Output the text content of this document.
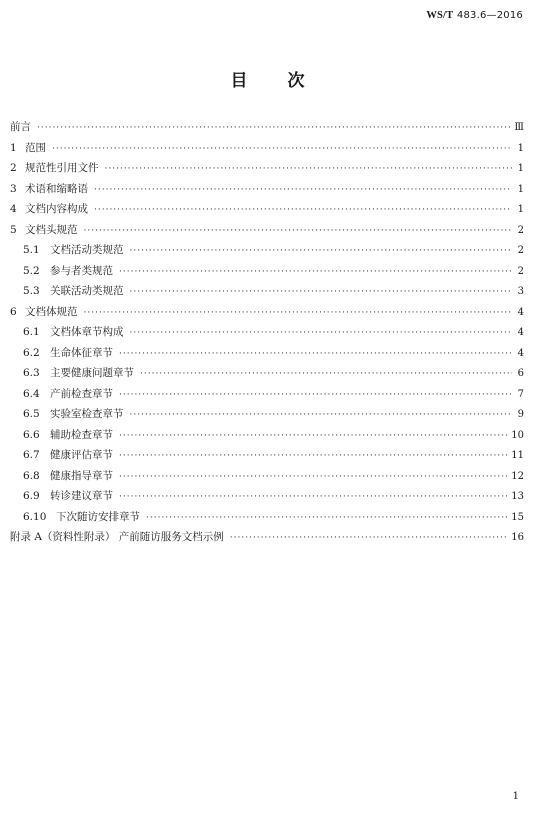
WS/T 483.6—2016
目 次
前言 ·····	Ⅲ
1 范围 ·····	1
2 规范性引用文件 ·····	1
3 术语和缩略语 ·····	1
4 文档内容构成 ·····	1
5 文档头规范 ·····	2
5.1 文档活动类规范 ·····	2
5.2 参与者类规范 ·····	2
5.3 关联活动类规范 ·····	3
6 文档体规范 ·····	4
6.1 文档体章节构成 ·····	4
6.2 生命体征章节 ·····	4
6.3 主要健康问题章节 ·····	6
6.4 产前检查章节 ·····	7
6.5 实验室检查章节 ·····	9
6.6 辅助检查章节 ·····	10
6.7 健康评估章节 ·····	11
6.8 健康指导章节 ·····	12
6.9 转诊建议章节 ·····	13
6.10 下次随访安排章节 ·····	15
附录 A（资料性附录） 产前随访服务文档示例 ·····	16
1
